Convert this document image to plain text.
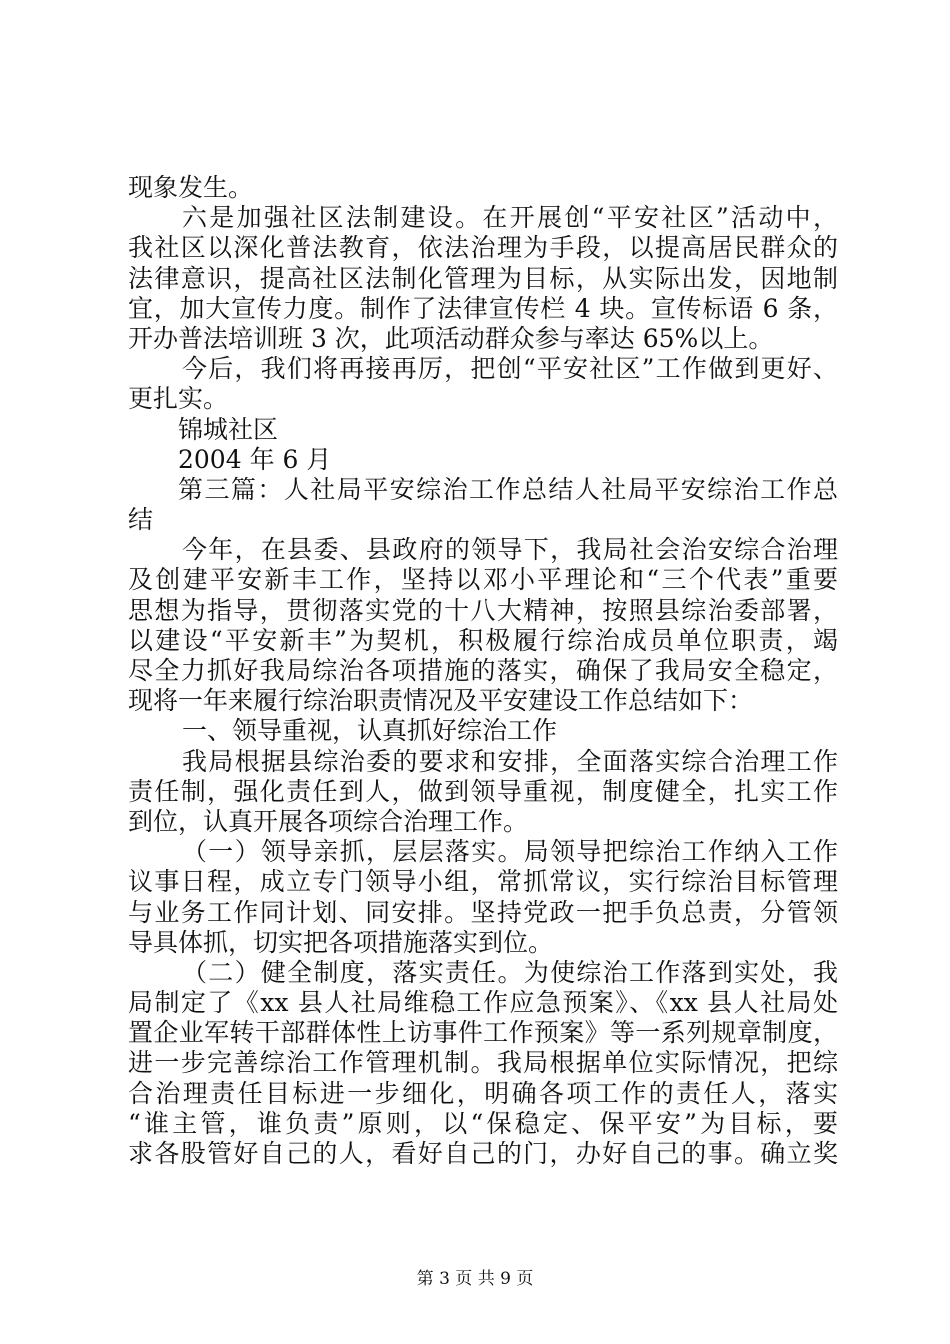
现象发生。
六是加强社区法制建设。在开展创“平安社区”活动中，
我社区以深化普法教育，依法治理为手段，以提高居民群众的
法律意识，提高社区法制化管理为目标，从实际出发，因地制
宜，加大宣传力度。制作了法律宣传栏 4 块。宣传标语 6 条，
开办普法培训班 3 次，此项活动群众参与率达 65%以上。
今后，我们将再接再厉，把创“平安社区”工作做到更好、
更扎实。
锦城社区
2004 年 6 月
第三篇：人社局平安综治工作总结人社局平安综治工作总
结
今年，在县委、县政府的领导下，我局社会治安综合治理
及创建平安新丰工作，坚持以邓小平理论和“三个代表”重要
思想为指导，贯彻落实党的十八大精神，按照县综治委部署，
以建设“平安新丰”为契机，积极履行综治成员单位职责，竭
尽全力抓好我局综治各项措施的落实，确保了我局安全稳定，
现将一年来履行综治职责情况及平安建设工作总结如下：
一、领导重视，认真抓好综治工作
我局根据县综治委的要求和安排，全面落实综合治理工作
责任制，强化责任到人，做到领导重视，制度健全，扎实工作
到位，认真开展各项综合治理工作。
（一）领导亲抓，层层落实。局领导把综治工作纳入工作
议事日程，成立专门领导小组，常抓常议，实行综治目标管理
与业务工作同计划、同安排。坚持党政一把手负总责，分管领
导具体抓，切实把各项措施落实到位。
（二）健全制度，落实责任。为使综治工作落到实处，我
局制定了《xx 县人社局维稳工作应急预案》、《xx 县人社局处
置企业军转干部群体性上访事件工作预案》等一系列规章制度，
进一步完善综治工作管理机制。我局根据单位实际情况，把综
合治理责任目标进一步细化，明确各项工作的责任人，落实
“谁主管，谁负责”原则，以“保稳定、保平安”为目标，要
求各股管好自己的人，看好自己的门，办好自己的事。确立奖
第 3 页 共 9 页
